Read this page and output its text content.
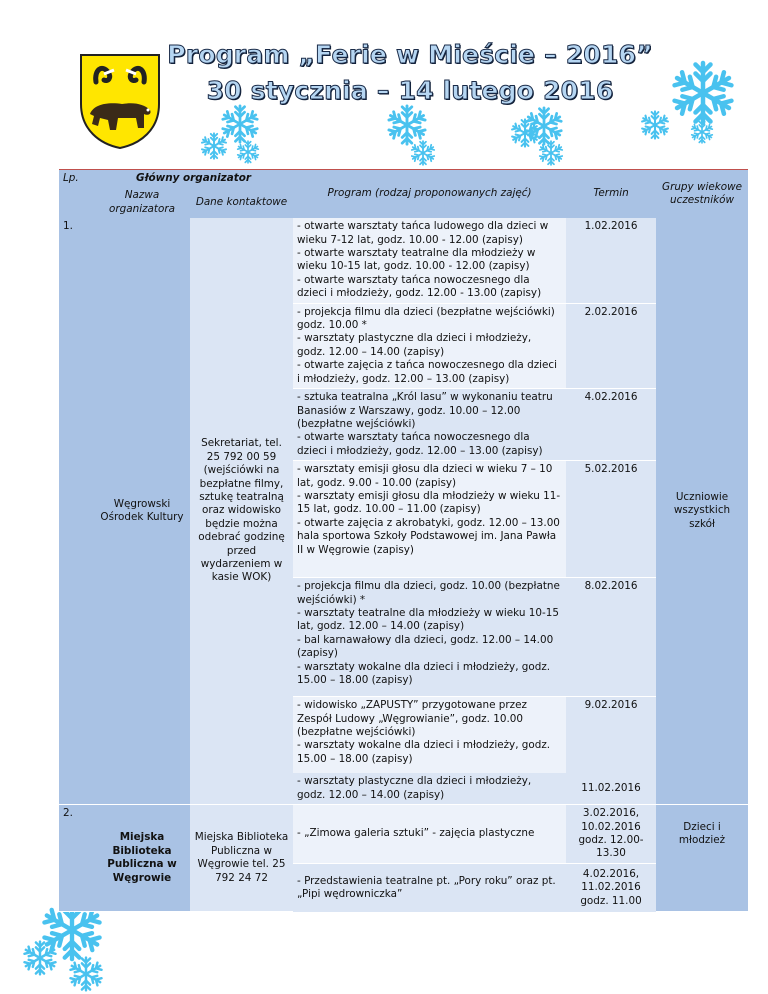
Program „Ferie w Mieście – 2016”
30 stycznia – 14 lutego 2016
Lp.	Główny organizator		Program (rodzaj proponowanych zajęć)	Termin	Grupy wiekowe uczestników
	Nazwa organizatora	Dane kontaktowe			
1.	Węgrowski Ośrodek Kultury	Sekretariat, tel. 25 792 00 59 (wejściówki na bezpłatne filmy, sztukę teatralną oraz widowisko będzie można odebrać godzinę przed wydarzeniem w kasie WOK)	- otwarte warsztaty tańca ludowego dla dzieci w wieku 7-12 lat, godz. 10.00 - 12.00 (zapisy)
- otwarte warsztaty teatralne dla młodzieży w wieku 10-15 lat, godz. 10.00 - 12.00 (zapisy)
- otwarte warsztaty tańca nowoczesnego dla dzieci i młodzieży, godz. 12.00 - 13.00 (zapisy)	1.02.2016	Uczniowie wszystkich szkół
			- projekcja filmu dla dzieci (bezpłatne wejściówki) godz. 10.00 *
- warsztaty plastyczne dla dzieci i młodzieży, godz. 12.00 – 14.00 (zapisy)
- otwarte zajęcia z tańca nowoczesnego dla dzieci i młodzieży, godz. 12.00 – 13.00 (zapisy)	2.02.2016	
			- sztuka teatralna „Król lasu” w wykonaniu teatru Banasiów z Warszawy, godz. 10.00 – 12.00 (bezpłatne wejściówki)
- otwarte warsztaty tańca nowoczesnego dla dzieci i młodzieży, godz. 12.00 – 13.00 (zapisy)	4.02.2016	
			- warsztaty emisji głosu dla dzieci w wieku 7 – 10 lat, godz. 9.00 - 10.00 (zapisy)
- warsztaty emisji głosu dla młodzieży w wieku 11-15 lat, godz. 10.00 – 11.00 (zapisy)
- otwarte zajęcia z akrobatyki, godz. 12.00 – 13.00 hala sportowa Szkoły Podstawowej im. Jana Pawła II w Węgrowie (zapisy)	5.02.2016	
			- projekcja filmu dla dzieci, godz. 10.00 (bezpłatne wejściówki) *
- warsztaty teatralne dla młodzieży w wieku 10-15 lat, godz. 12.00 – 14.00 (zapisy)
- bal karnawałowy dla dzieci, godz. 12.00 – 14.00 (zapisy)
- warsztaty wokalne dla dzieci i młodzieży, godz. 15.00 – 18.00 (zapisy)	8.02.2016	
			- widowisko „ZAPUSTY” przygotowane przez Zespół Ludowy „Węgrowianie”, godz. 10.00 (bezpłatne wejściówki)
- warsztaty wokalne dla dzieci i młodzieży, godz. 15.00 – 18.00 (zapisy)	9.02.2016	
			- warsztaty plastyczne dla dzieci i młodzieży, godz. 12.00 – 14.00 (zapisy)	11.02.2016	
2.	Miejska Biblioteka Publiczna w Węgrowie	Miejska Biblioteka Publiczna w Węgrowie tel. 25 792 24 72	- „Zimowa galeria sztuki” - zajęcia plastyczne	3.02.2016, 10.02.2016 godz. 12.00-13.30	Dzieci i młodzież
			- Przedstawienia teatralne pt. „Pory roku” oraz pt. „Pipi wędrowniczka”	4.02.2016, 11.02.2016 godz. 11.00	
